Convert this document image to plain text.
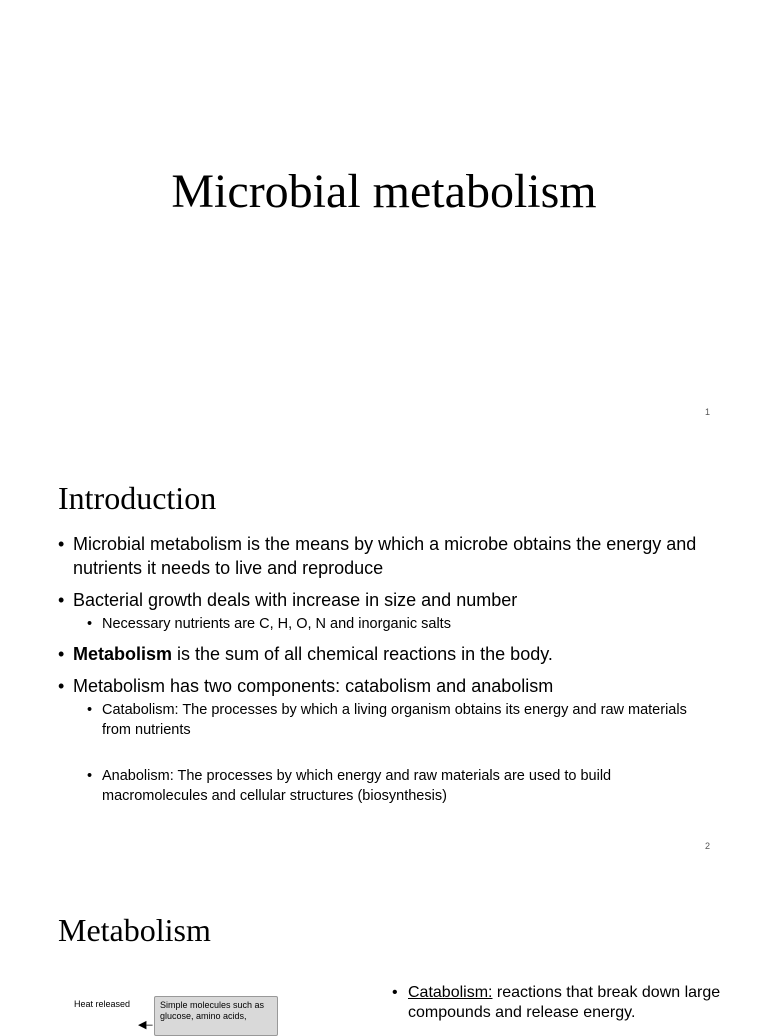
Microbial metabolism
1
Introduction
• Microbial metabolism is the means by which a microbe obtains the energy and nutrients it needs to live and reproduce
• Bacterial growth deals with increase in size and number
• Necessary nutrients are C, H, O, N and inorganic salts
• Metabolism is the sum of all chemical reactions in the body.
• Metabolism has two components: catabolism and anabolism
• Catabolism: The processes by which a living organism obtains its energy and raw materials from nutrients
• Anabolism: The processes by which energy and raw materials are used to build macromolecules and cellular structures (biosynthesis)
2
Metabolism
Heat released
◀–
Simple molecules such as glucose, amino acids,
• Catabolism: reactions that break down large compounds and release energy.
